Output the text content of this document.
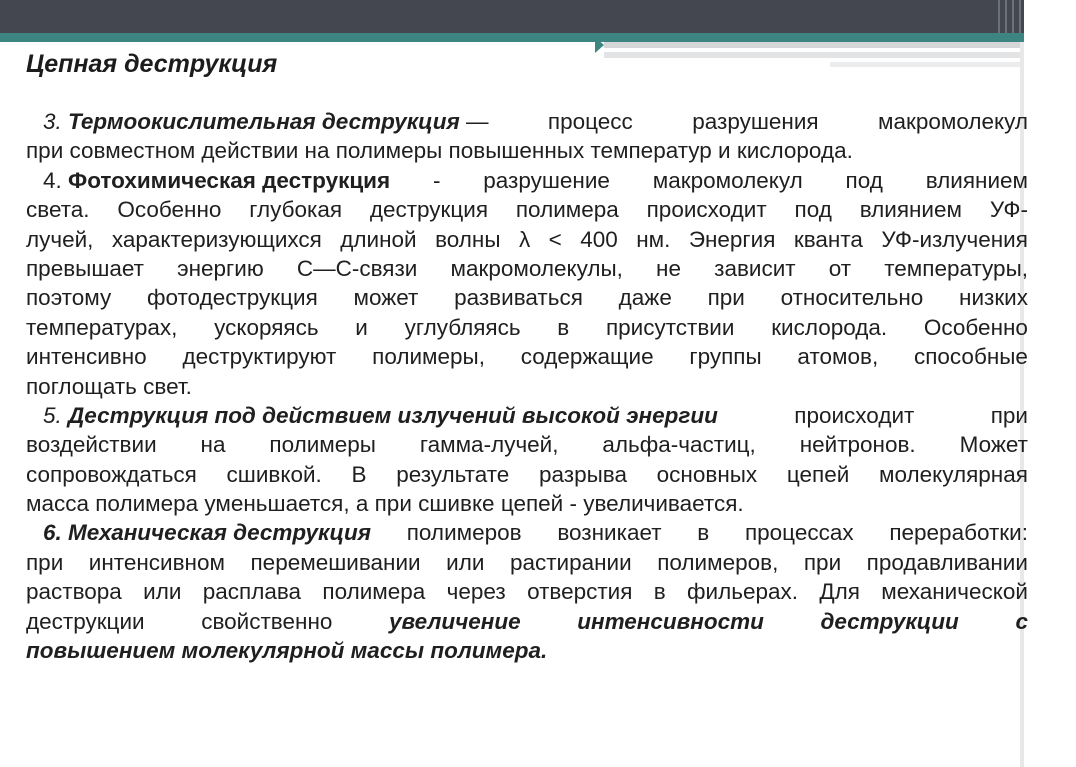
Цепная деструкция
3. Термоокислительная деструкция —	процесс	разрушения	макромолекул
при совместном действии на полимеры повышенных температур и кислорода.
4. Фотохимическая деструкция - разрушение макромолекул под влиянием
света. Особенно глубокая деструкция полимера происходит под влиянием УФ-
лучей, характеризующихся длиной волны λ < 400 нм. Энергия кванта УФ-излучения
превышает энергию С—С-связи макромолекулы, не зависит от температуры,
поэтому фотодеструкция может развиваться даже при относительно низких
температурах, ускоряясь и углубляясь в присутствии кислорода. Особенно
интенсивно деструктируют полимеры, содержащие группы атомов, способные
поглощать свет.
5. Деструкция под действием излучений высокой энергии	происходит	при
воздействии на полимеры гамма-лучей, альфа-частиц, нейтронов. Может
сопровождаться сшивкой. В результате разрыва основных цепей молекулярная
масса полимера уменьшается, а при сшивке цепей - увеличивается.
6. Механическая деструкция полимеров возникает в процессах переработки:
при интенсивном перемешивании или растирании полимеров, при продавливании
раствора или расплава полимера через отверстия в фильерах. Для механической
деструкции	свойственно	увеличение	интенсивности	деструкции	с
повышением молекулярной массы полимера.
